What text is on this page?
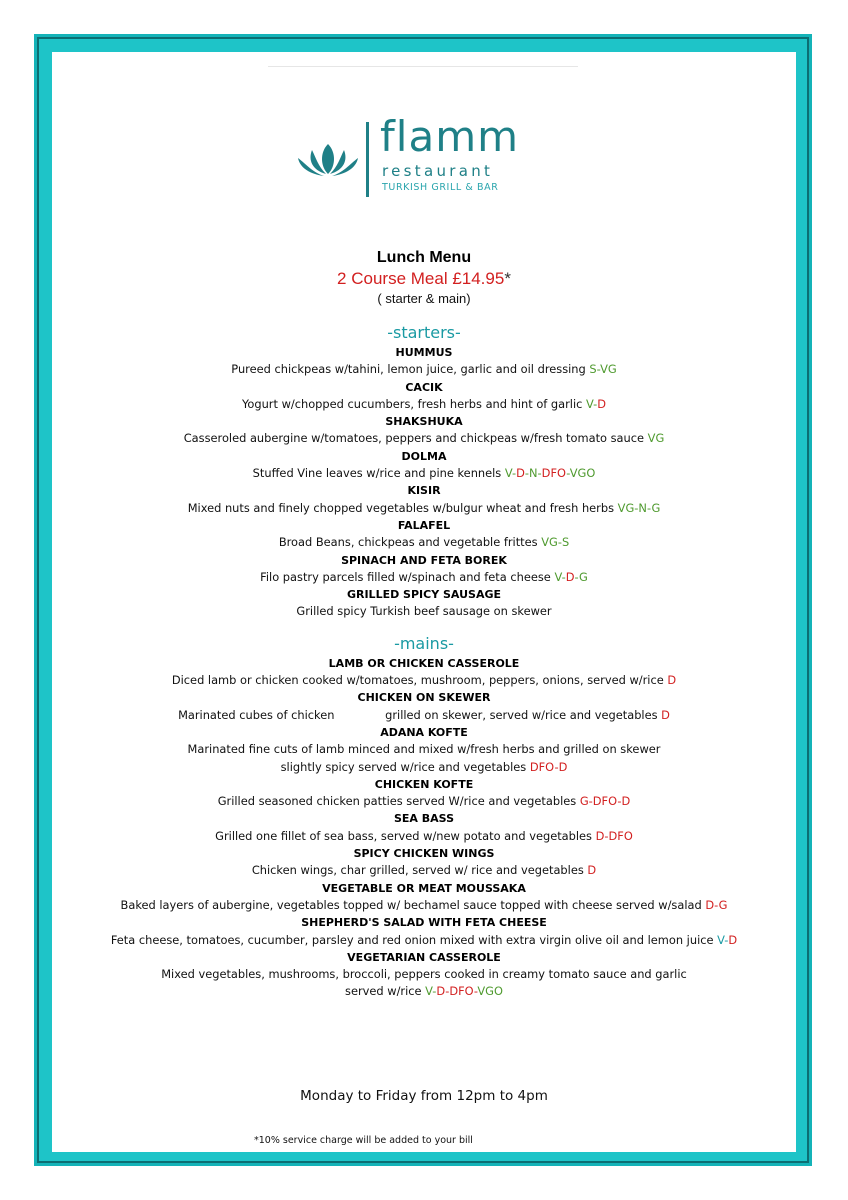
flamm
restaurant
TURKISH GRILL & BAR
Lunch Menu
2 Course Meal £14.95*
( starter & main)
-starters-
HUMMUS
Pureed chickpeas w/tahini, lemon juice, garlic and oil dressing S-VG
CACIK
Yogurt w/chopped cucumbers, fresh herbs and hint of garlic V-D
SHAKSHUKA
Casseroled aubergine w/tomatoes, peppers and chickpeas w/fresh tomato sauce VG
DOLMA
Stuffed Vine leaves w/rice and pine kennels V-D-N-DFO-VGO
KISIR
Mixed nuts and finely chopped vegetables w/bulgur wheat and fresh herbs VG-N-G
FALAFEL
Broad Beans, chickpeas and vegetable frittes VG-S
SPINACH AND FETA BOREK
Filo pastry parcels filled w/spinach and feta cheese V-D-G
GRILLED SPICY SAUSAGE
Grilled spicy Turkish beef sausage on skewer
-mains-
LAMB OR CHICKEN CASSEROLE
Diced lamb or chicken cooked w/tomatoes, mushroom, peppers, onions, served w/rice D
CHICKEN ON SKEWER
Marinated cubes of chicken              grilled on skewer, served w/rice and vegetables D
ADANA KOFTE
Marinated fine cuts of lamb minced and mixed w/fresh herbs and grilled on skewer
slightly spicy served w/rice and vegetables DFO-D
CHICKEN KOFTE
Grilled seasoned chicken patties served W/rice and vegetables G-DFO-D
SEA BASS
Grilled one fillet of sea bass, served w/new potato and vegetables D-DFO
SPICY CHICKEN WINGS
Chicken wings, char grilled, served w/ rice and vegetables D
VEGETABLE OR MEAT MOUSSAKA
Baked layers of aubergine, vegetables topped w/ bechamel sauce topped with cheese served w/salad D-G
SHEPHERD'S SALAD WITH FETA CHEESE
Feta cheese, tomatoes, cucumber, parsley and red onion mixed with extra virgin olive oil and lemon juice V-D
VEGETARIAN CASSEROLE
Mixed vegetables, mushrooms, broccoli, peppers cooked in creamy tomato sauce and garlic
served w/rice V-D-DFO-VGO
Monday to Friday from 12pm to 4pm
*10% service charge will be added to your bill
